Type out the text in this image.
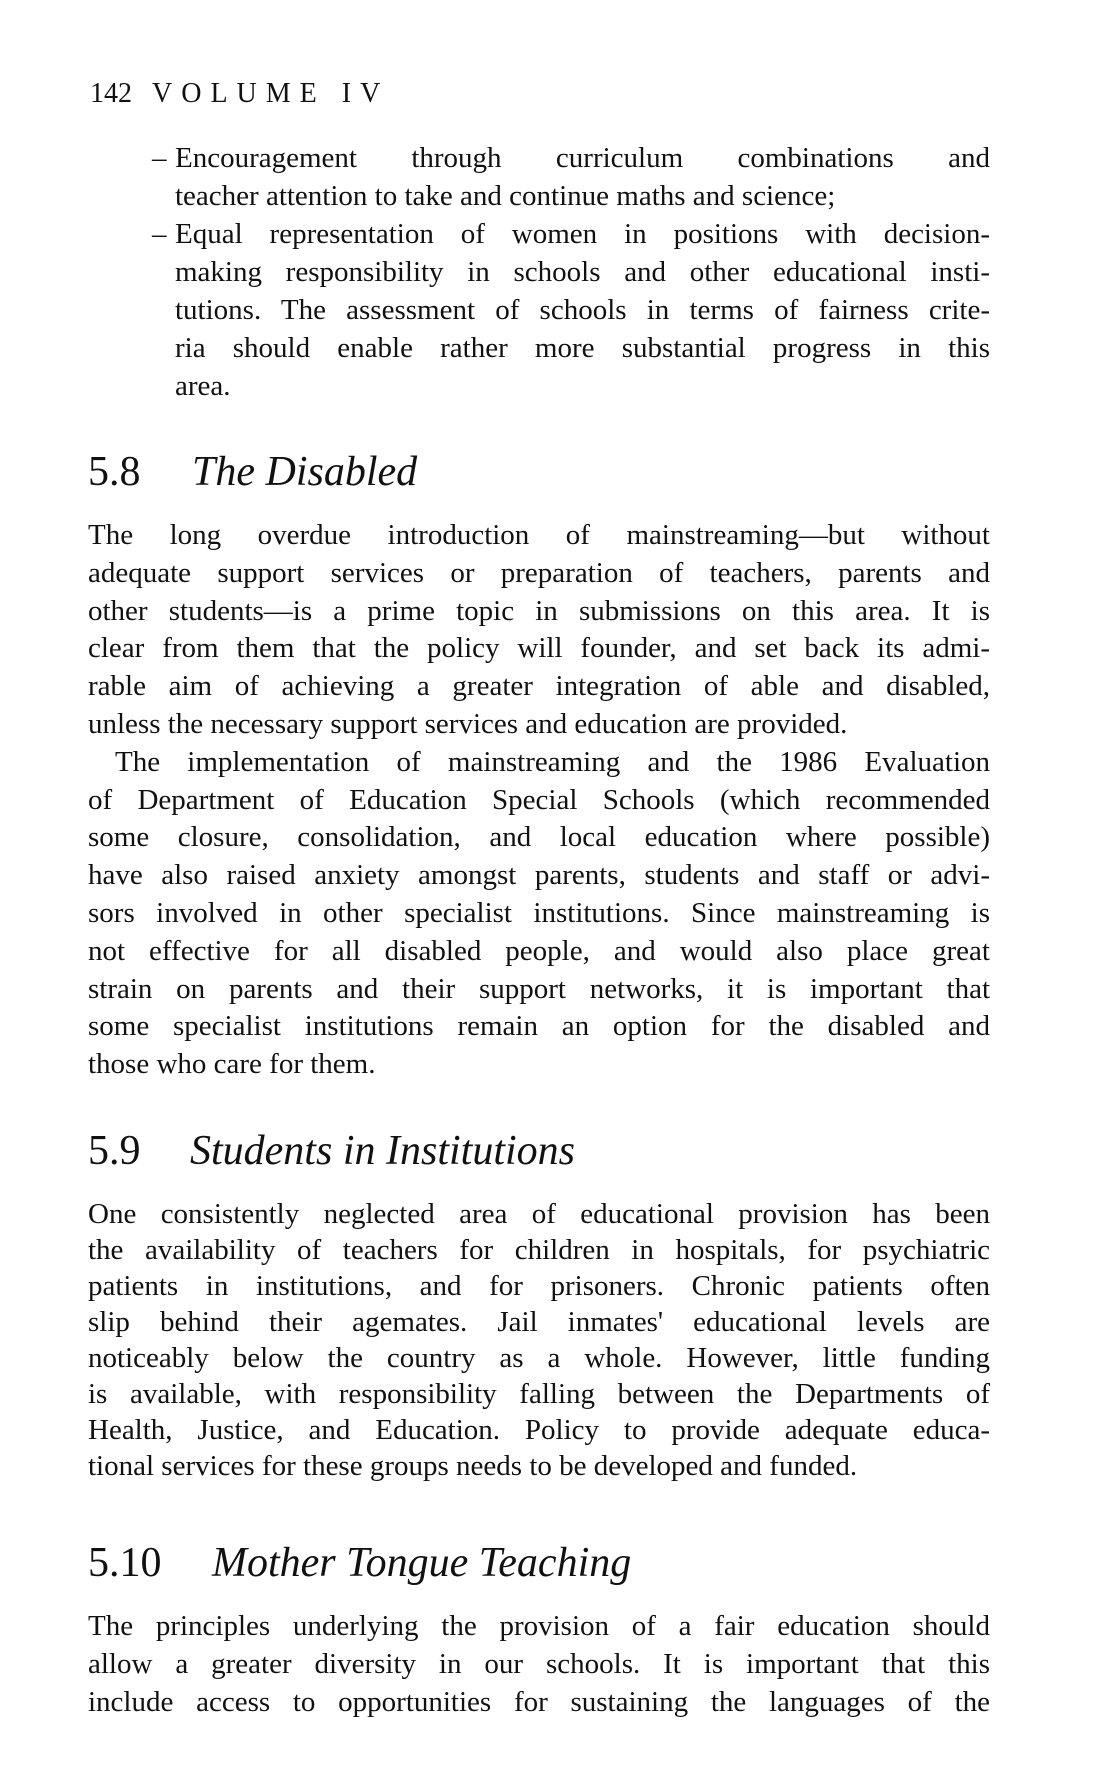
142 VOLUME IV
– Encouragement through curriculum combinations and
teacher attention to take and continue maths and science;
– Equal representation of women in positions with decision-
making responsibility in schools and other educational insti-
tutions. The assessment of schools in terms of fairness crite-
ria should enable rather more substantial progress in this
area.
5.8 The Disabled
The long overdue introduction of mainstreaming—but without
adequate support services or preparation of teachers, parents and
other students—is a prime topic in submissions on this area. It is
clear from them that the policy will founder, and set back its admi-
rable aim of achieving a greater integration of able and disabled,
unless the necessary support services and education are provided.
The implementation of mainstreaming and the 1986 Evaluation
of Department of Education Special Schools (which recommended
some closure, consolidation, and local education where possible)
have also raised anxiety amongst parents, students and staff or advi-
sors involved in other specialist institutions. Since mainstreaming is
not effective for all disabled people, and would also place great
strain on parents and their support networks, it is important that
some specialist institutions remain an option for the disabled and
those who care for them.
5.9 Students in Institutions
One consistently neglected area of educational provision has been
the availability of teachers for children in hospitals, for psychiatric
patients in institutions, and for prisoners. Chronic patients often
slip behind their agemates. Jail inmates' educational levels are
noticeably below the country as a whole. However, little funding
is available, with responsibility falling between the Departments of
Health, Justice, and Education. Policy to provide adequate educa-
tional services for these groups needs to be developed and funded.
5.10 Mother Tongue Teaching
The principles underlying the provision of a fair education should
allow a greater diversity in our schools. It is important that this
include access to opportunities for sustaining the languages of the
